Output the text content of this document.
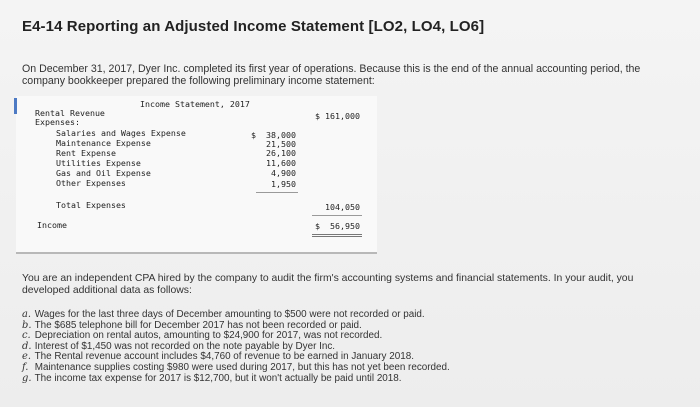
E4-14 Reporting an Adjusted Income Statement [LO2, LO4, LO6]
On December 31, 2017, Dyer Inc. completed its first year of operations. Because this is the end of the annual accounting period, the company bookkeeper prepared the following preliminary income statement:
Income Statement, 2017
Rental Revenue	$ 161,000
Expenses:
Salaries and Wages Expense	$  38,000
Maintenance Expense	21,500
Rent Expense	26,100
Utilities Expense	11,600
Gas and Oil Expense	4,900
Other Expenses	1,950
Total Expenses	104,050
Income	$  56,950
You are an independent CPA hired by the company to audit the firm's accounting systems and financial statements. In your audit, you developed additional data as follows:
a. Wages for the last three days of December amounting to $500 were not recorded or paid.
b. The $685 telephone bill for December 2017 has not been recorded or paid.
c. Depreciation on rental autos, amounting to $24,900 for 2017, was not recorded.
d. Interest of $1,450 was not recorded on the note payable by Dyer Inc.
e. The Rental revenue account includes $4,760 of revenue to be earned in January 2018.
f. Maintenance supplies costing $980 were used during 2017, but this has not yet been recorded.
g. The income tax expense for 2017 is $12,700, but it won't actually be paid until 2018.
